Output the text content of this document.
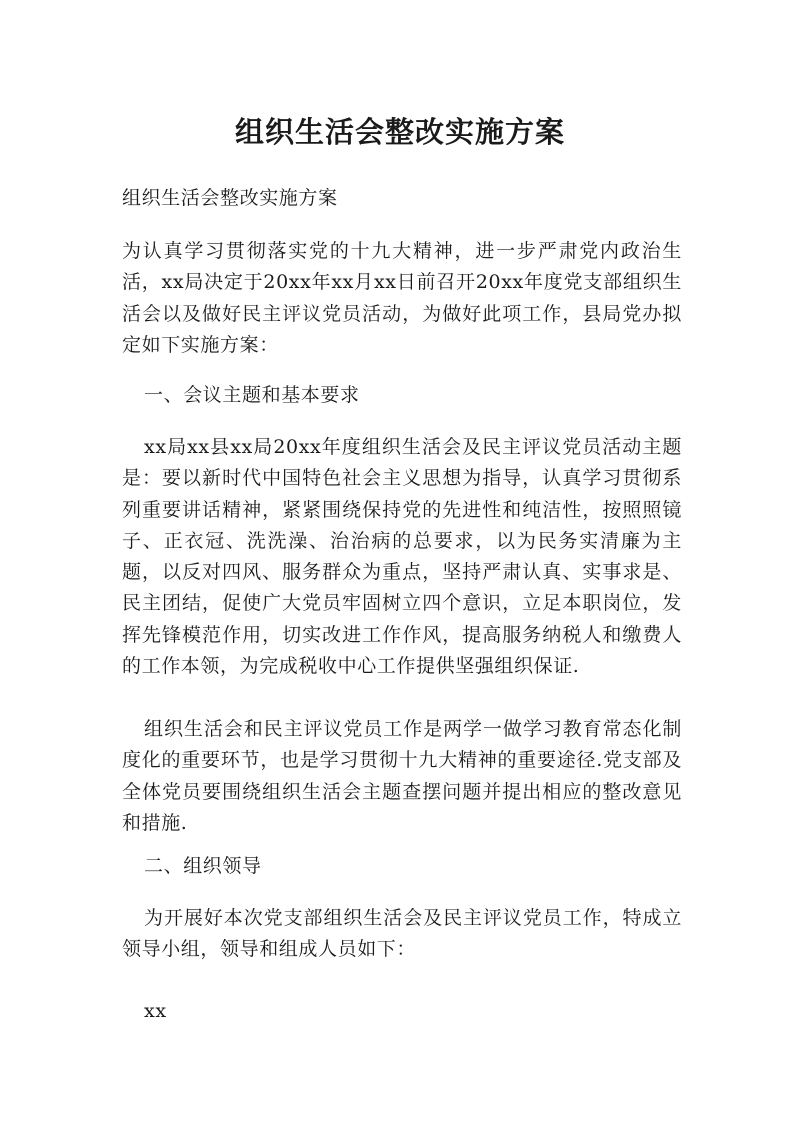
组织生活会整改实施方案

组织生活会整改实施方案

为认真学习贯彻落实党的十九大精神，进一步严肃党内政治生活，xx局决定于20xx年xx月xx日前召开20xx年度党支部组织生活会以及做好民主评议党员活动，为做好此项工作，县局党办拟定如下实施方案：

一、会议主题和基本要求

xx局xx县xx局20xx年度组织生活会及民主评议党员活动主题是：要以新时代中国特色社会主义思想为指导，认真学习贯彻系列重要讲话精神，紧紧围绕保持党的先进性和纯洁性，按照照镜子、正衣冠、洗洗澡、治治病的总要求，以为民务实清廉为主题，以反对四风、服务群众为重点，坚持严肃认真、实事求是、民主团结，促使广大党员牢固树立四个意识，立足本职岗位，发挥先锋模范作用，切实改进工作作风，提高服务纳税人和缴费人的工作本领，为完成税收中心工作提供坚强组织保证.

组织生活会和民主评议党员工作是两学一做学习教育常态化制度化的重要环节，也是学习贯彻十九大精神的重要途径.党支部及全体党员要围绕组织生活会主题查摆问题并提出相应的整改意见和措施.

二、组织领导

为开展好本次党支部组织生活会及民主评议党员工作，特成立领导小组，领导和组成人员如下：

xx
